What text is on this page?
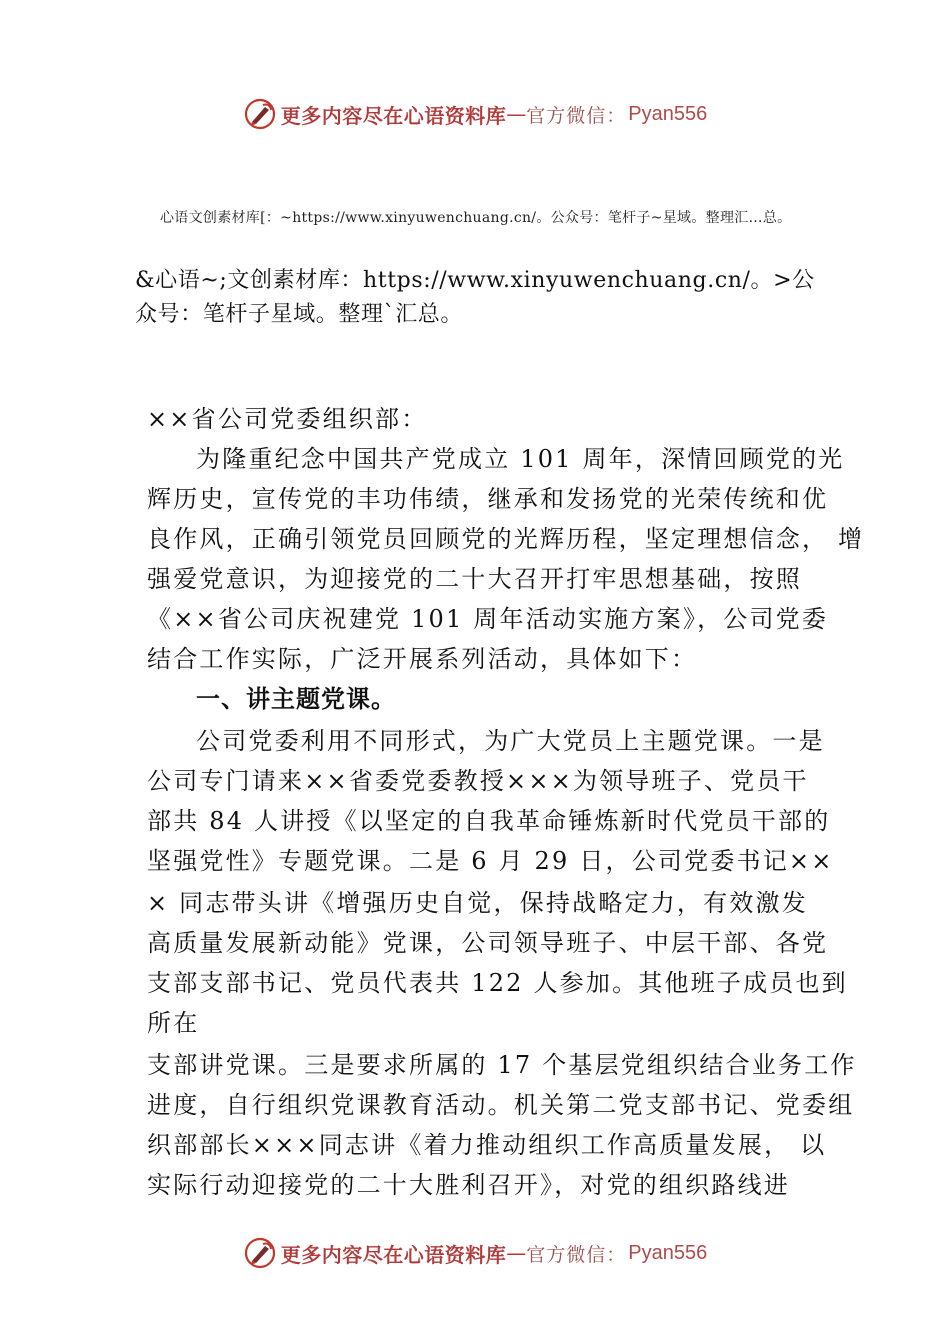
更多内容尽在心语资料库 — 官方微信： Pyan556
心语文创素材库[：~https://www.xinyuwenchuang.cn/。公众号：笔杆子~星域。整理汇…总。
&心语~;文创素材库：https://www.xinyuwenchuang.cn/。>公
众号：笔杆子星域。整理`汇总。
××省公司党委组织部：
为隆重纪念中国共产党成立 101 周年，深情回顾党的光
辉历史，宣传党的丰功伟绩，继承和发扬党的光荣传统和优
良作风，正确引领党员回顾党的光辉历程，坚定理想信念， 增
强爱党意识，为迎接党的二十大召开打牢思想基础，按照
《××省公司庆祝建党 101 周年活动实施方案》，公司党委
结合工作实际，广泛开展系列活动，具体如下：
一、讲主题党课。
公司党委利用不同形式，为广大党员上主题党课。一是
公司专门请来××省委党委教授×××为领导班子、党员干
部共 84 人讲授《以坚定的自我革命锤炼新时代党员干部的
坚强党性》专题党课。二是 6 月 29 日，公司党委书记××
× 同志带头讲《增强历史自觉，保持战略定力，有效激发
高质量发展新动能》党课，公司领导班子、中层干部、各党
支部支部书记、党员代表共 122 人参加。其他班子成员也到
所在
支部讲党课。三是要求所属的 17 个基层党组织结合业务工作
进度，自行组织党课教育活动。机关第二党支部书记、党委组
织部部长×××同志讲《着力推动组织工作高质量发展， 以
实际行动迎接党的二十大胜利召开》，对党的组织路线进
更多内容尽在心语资料库 — 官方微信： Pyan556
